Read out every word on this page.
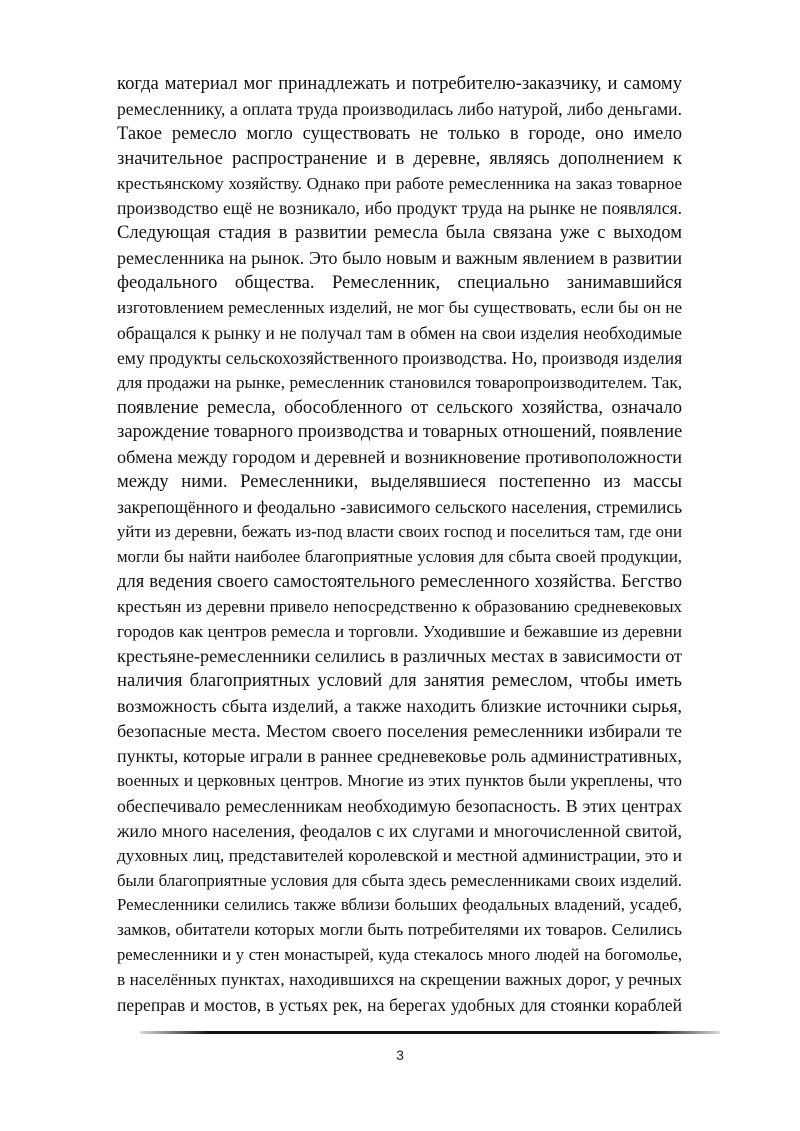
когда материал мог принадлежать и потребителю-заказчику, и самому
ремесленнику, а оплата труда производилась либо натурой, либо деньгами.
Такое ремесло могло существовать не только в городе, оно имело
значительное распространение и в деревне, являясь дополнением к
крестьянскому хозяйству. Однако при работе ремесленника на заказ товарное
производство ещё не возникало, ибо продукт труда на рынке не появлялся.
Следующая стадия в развитии ремесла была связана уже с выходом
ремесленника на рынок. Это было новым и важным явлением в развитии
феодального общества. Ремесленник, специально занимавшийся
изготовлением ремесленных изделий, не мог бы существовать, если бы он не
обращался к рынку и не получал там в обмен на свои изделия необходимые
ему продукты сельскохозяйственного производства. Но, производя изделия
для продажи на рынке, ремесленник становился товаропроизводителем. Так,
появление ремесла, обособленного от сельского хозяйства, означало
зарождение товарного производства и товарных отношений, появление
обмена между городом и деревней и возникновение противоположности
между ними. Ремесленники, выделявшиеся постепенно из массы
закрепощённого и феодально -зависимого сельского населения, стремились
уйти из деревни, бежать из-под власти своих господ и поселиться там, где они
могли бы найти наиболее благоприятные условия для сбыта своей продукции,
для ведения своего самостоятельного ремесленного хозяйства. Бегство
крестьян из деревни привело непосредственно к образованию средневековых
городов как центров ремесла и торговли. Уходившие и бежавшие из деревни
крестьяне-ремесленники селились в различных местах в зависимости от
наличия благоприятных условий для занятия ремеслом, чтобы иметь
возможность сбыта изделий, а также находить близкие источники сырья,
безопасные места. Местом своего поселения ремесленники избирали те
пункты, которые играли в раннее средневековье роль административных,
военных и церковных центров. Многие из этих пунктов были укреплены, что
обеспечивало ремесленникам необходимую безопасность. В этих центрах
жило много населения, феодалов с их слугами и многочисленной свитой,
духовных лиц, представителей королевской и местной администрации, это и
были благоприятные условия для сбыта здесь ремесленниками своих изделий.
Ремесленники селились также вблизи больших феодальных владений, усадеб,
замков, обитатели которых могли быть потребителями их товаров. Селились
ремесленники и у стен монастырей, куда стекалось много людей на богомолье,
в населённых пунктах, находившихся на скрещении важных дорог, у речных
переправ и мостов, в устьях рек, на берегах удобных для стоянки кораблей
3
